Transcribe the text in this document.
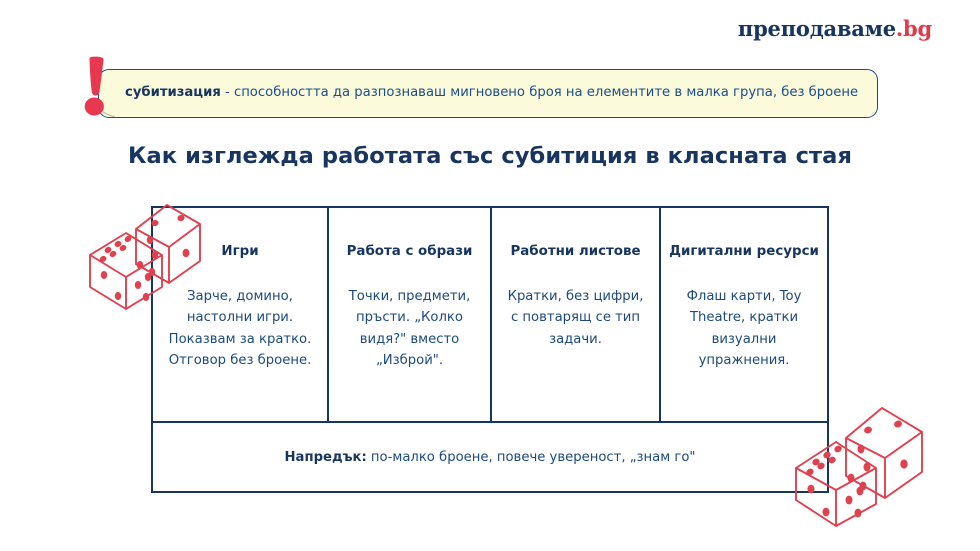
преподаваме.bg
субитизация - способността да разпознаваш мигновено броя на елементите в малка група, без броене
Как изглежда работата със субитиция в класната стая
Игри
Зарче, домино, настолни игри. Показвам за кратко. Отговор без броене.
Работа с образи
Точки, предмети, пръсти. „Колко видя?" вместо „Изброй".
Работни листове
Кратки, без цифри, с повтарящ се тип задачи.
Дигитални ресурси
Флаш карти, Toy Theatre, кратки визуални упражнения.
Напредък: по-малко броене, повече увереност, „знам го"
